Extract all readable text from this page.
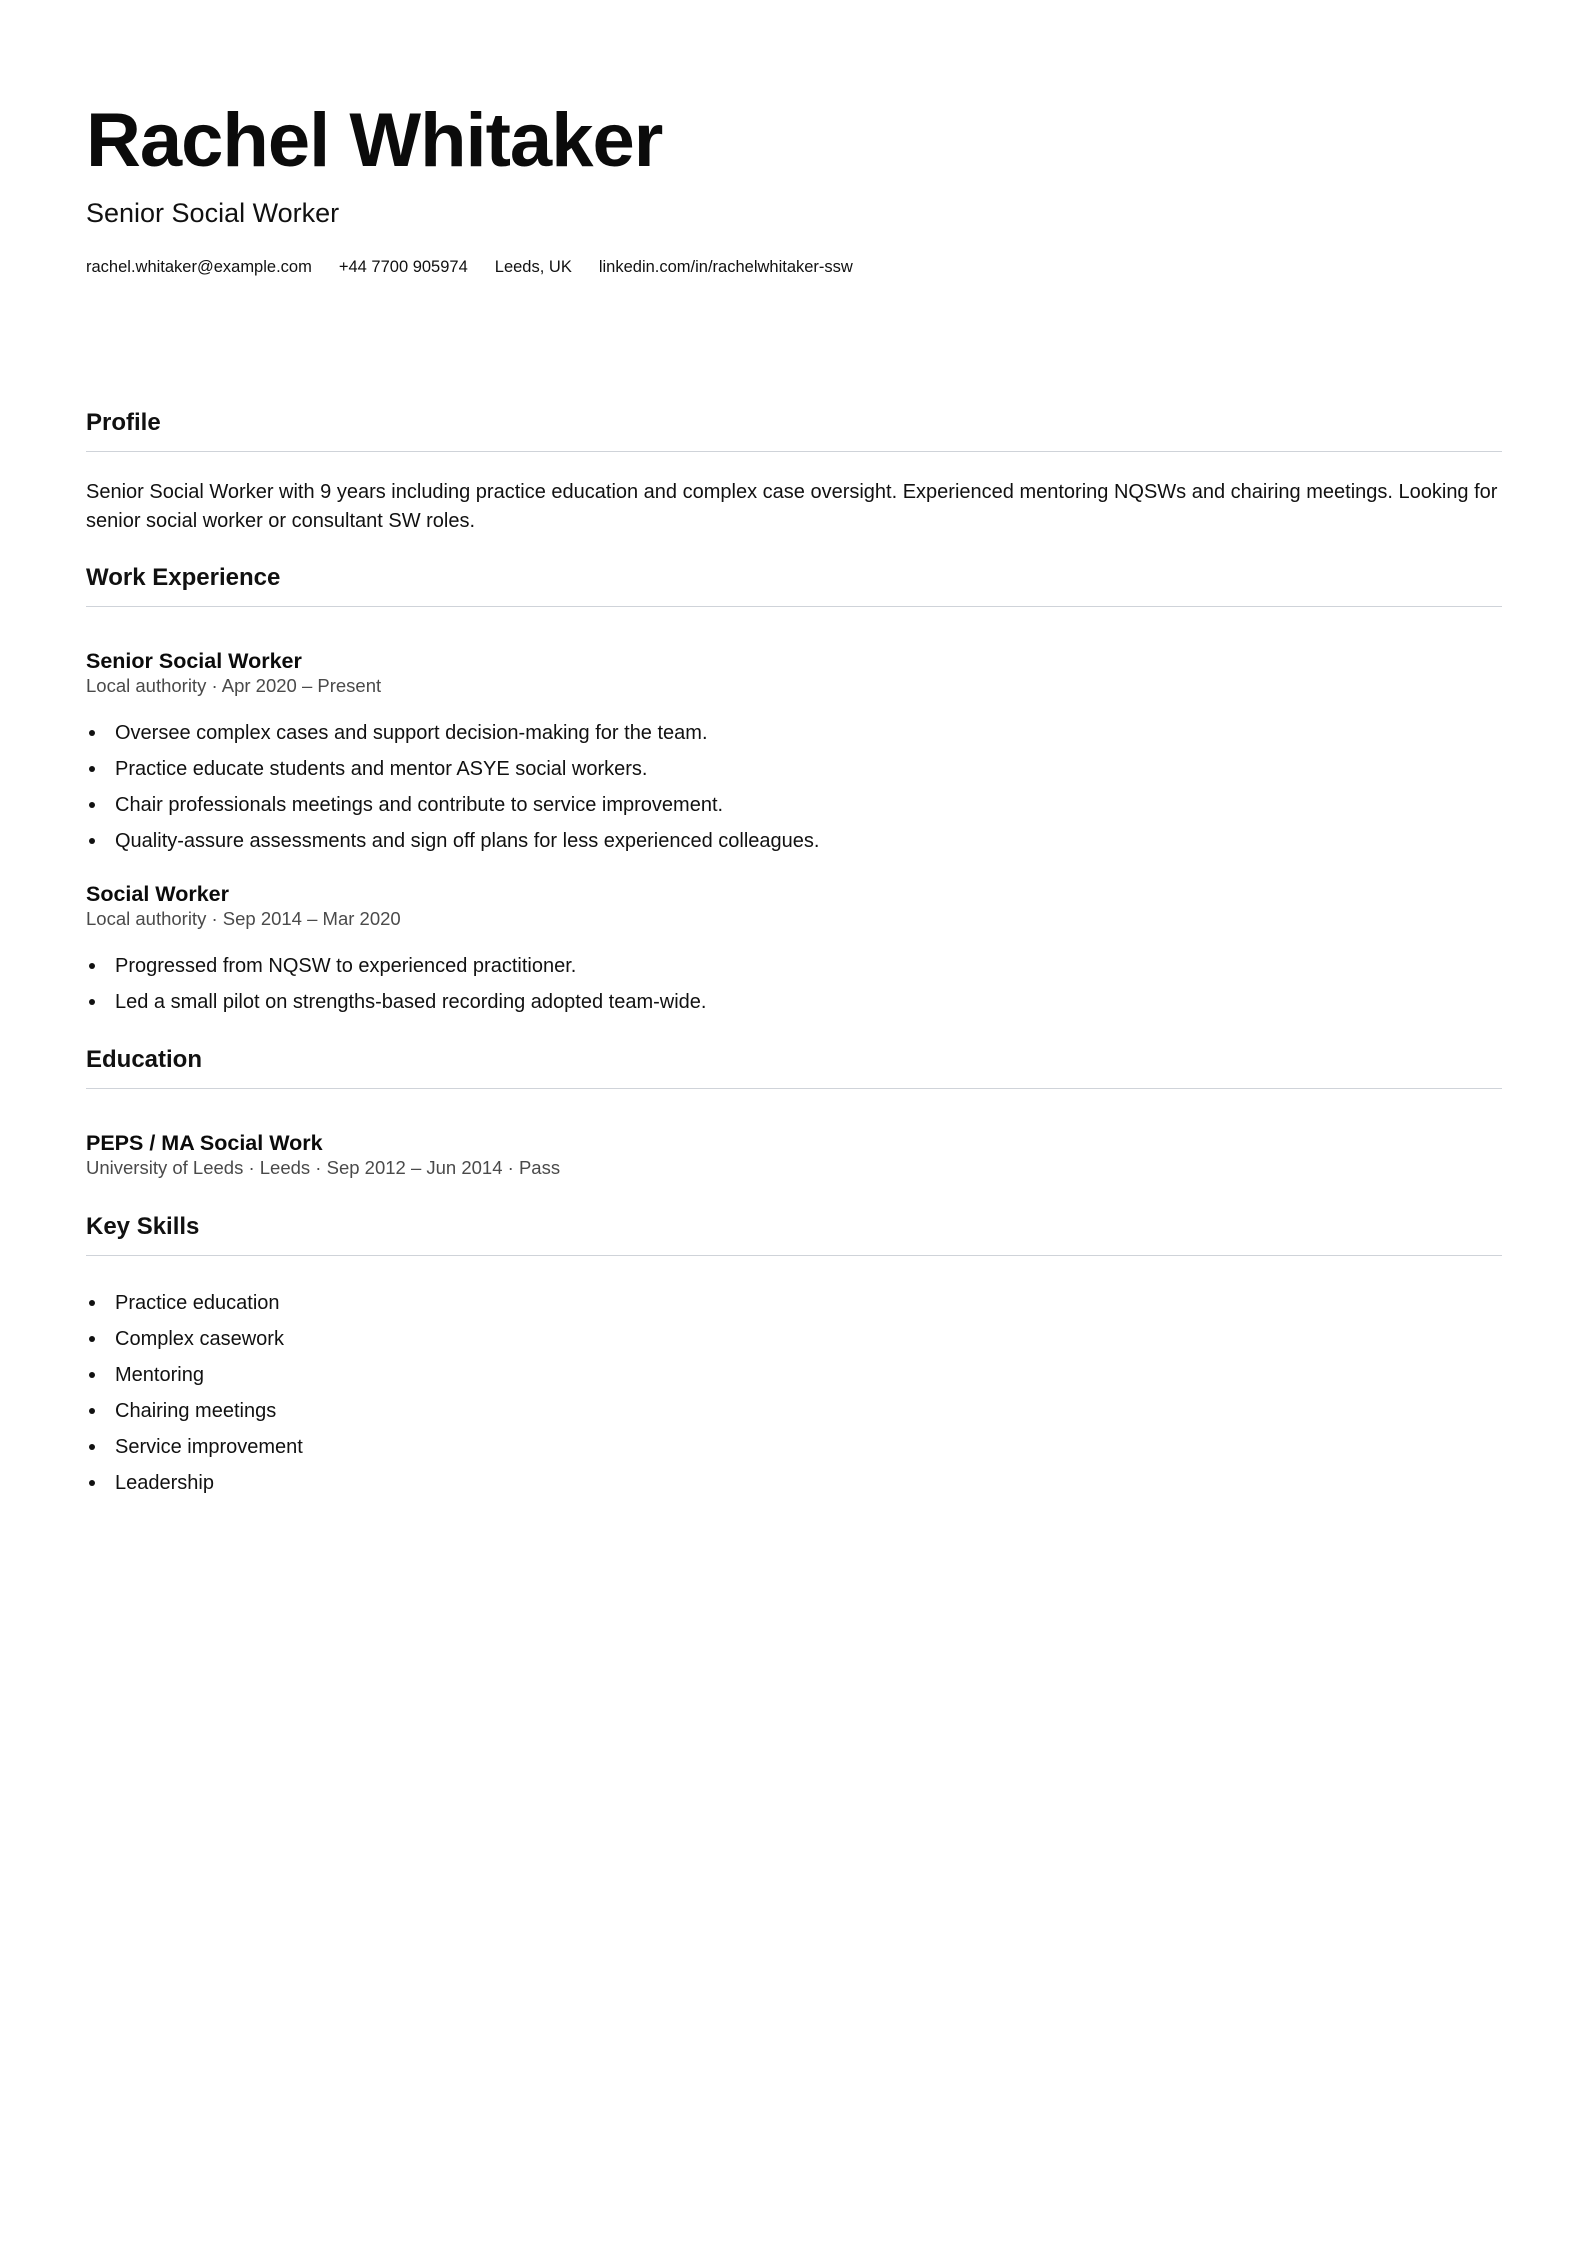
Rachel Whitaker
Senior Social Worker
rachel.whitaker@example.com +44 7700 905974 Leeds, UK linkedin.com/in/rachelwhitaker-ssw
Profile
Senior Social Worker with 9 years including practice education and complex case oversight. Experienced mentoring NQSWs and chairing meetings. Looking for senior social worker or consultant SW roles.
Work Experience
Senior Social Worker
Local authority · Apr 2020 – Present
Oversee complex cases and support decision-making for the team.
Practice educate students and mentor ASYE social workers.
Chair professionals meetings and contribute to service improvement.
Quality-assure assessments and sign off plans for less experienced colleagues.
Social Worker
Local authority · Sep 2014 – Mar 2020
Progressed from NQSW to experienced practitioner.
Led a small pilot on strengths-based recording adopted team-wide.
Education
PEPS / MA Social Work
University of Leeds · Leeds · Sep 2012 – Jun 2014 · Pass
Key Skills
Practice education
Complex casework
Mentoring
Chairing meetings
Service improvement
Leadership
